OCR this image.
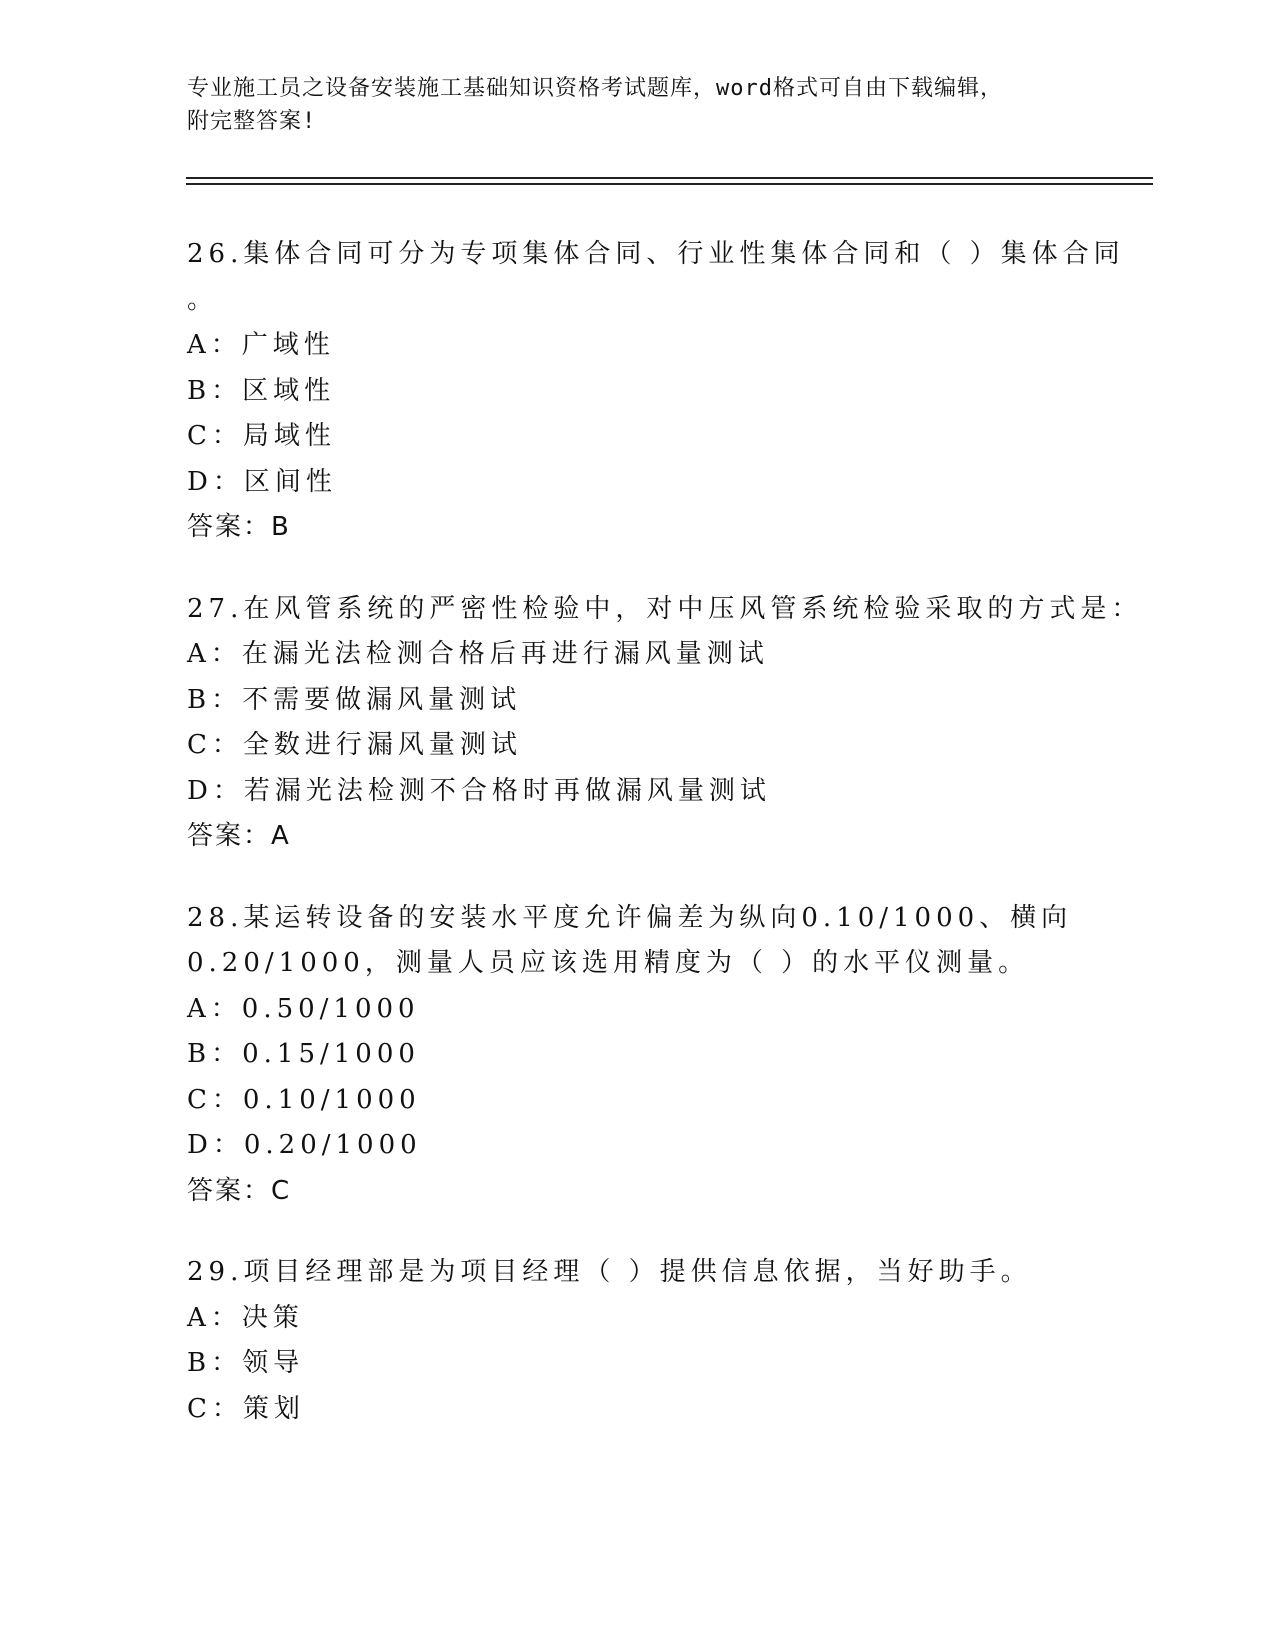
专业施工员之设备安装施工基础知识资格考试题库，word格式可自由下载编辑，
附完整答案!
26.集体合同可分为专项集体合同、行业性集体合同和（ ）集体合同
。
A：广域性
B：区域性
C：局域性
D：区间性
答案：B
27.在风管系统的严密性检验中，对中压风管系统检验采取的方式是：
A：在漏光法检测合格后再进行漏风量测试
B：不需要做漏风量测试
C：全数进行漏风量测试
D：若漏光法检测不合格时再做漏风量测试
答案：A
28.某运转设备的安装水平度允许偏差为纵向0.10/1000、横向
0.20/1000，测量人员应该选用精度为（ ）的水平仪测量。
A：0.50/1000
B：0.15/1000
C：0.10/1000
D：0.20/1000
答案：C
29.项目经理部是为项目经理（ ）提供信息依据，当好助手。
A：决策
B：领导
C：策划
